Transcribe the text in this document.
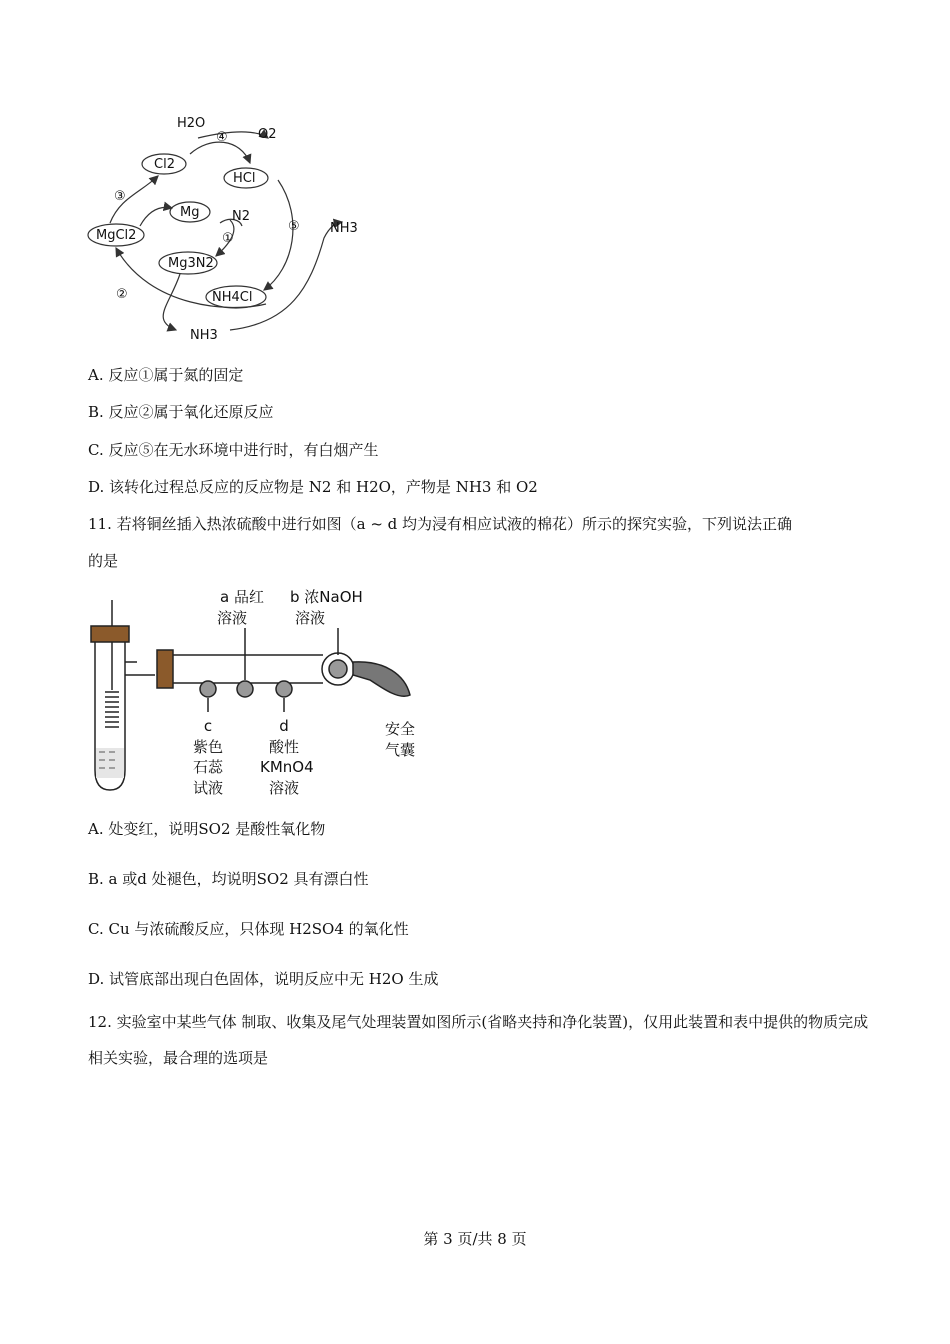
H2O
O2
④
Cl2
HCl
③
Mg	N2
⑤ NH3
MgCl2	①
Mg3N2
②	NH4Cl
NH3
A. 反应①属于氮的固定
B. 反应②属于氧化还原反应
C. 反应⑤在无水环境中进行时，有白烟产生
D. 该转化过程总反应的反应物是 N2 和 H2O，产物是 NH3 和 O2
11. 若将铜丝插入热浓硫酸中进行如图（a ~ d 均为浸有相应试液的棉花）所示的探究实验，下列说法正确
的是
a 品红
溶液
b 浓NaOH
溶液
c
紫色
石蕊
试液
d
酸性
KMnO4
溶液
安全
气囊
A. 处变红，说明SO2 是酸性氧化物
B. a 或d 处褪色，均说明SO2 具有漂白性
C. Cu 与浓硫酸反应，只体现 H2SO4 的氧化性
D. 试管底部出现白色固体，说明反应中无 H2O 生成
12. 实验室中某些气体 制取、收集及尾气处理装置如图所示(省略夹持和净化装置)，仅用此装置和表中提供的物质完成相关实验，最合理的选项是
第 3 页/共 8 页
